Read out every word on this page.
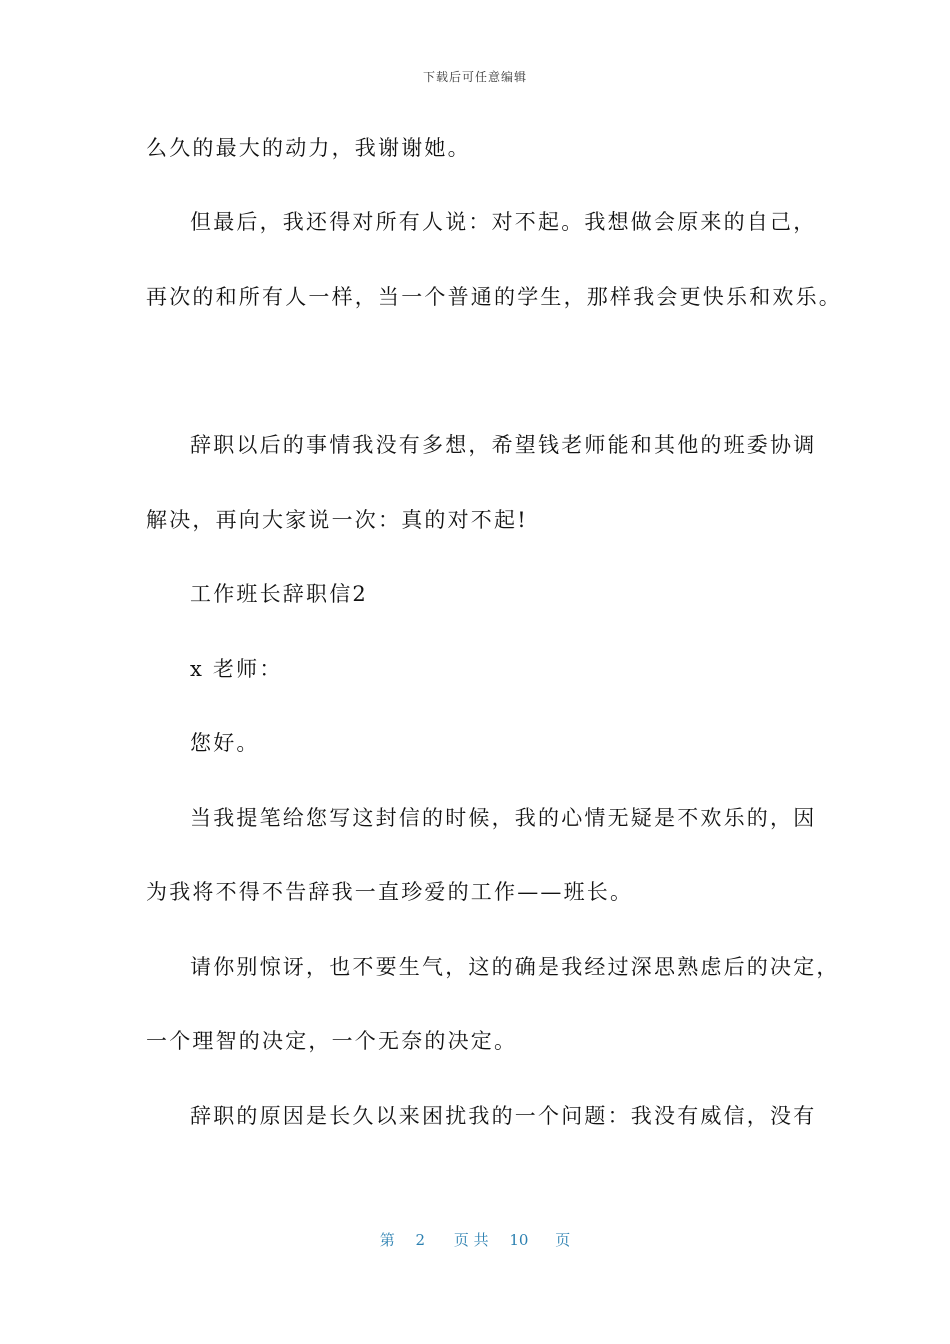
下载后可任意编辑
么久的最大的动力，我谢谢她。
但最后，我还得对所有人说：对不起。我想做会原来的自己，
再次的和所有人一样，当一个普通的学生，那样我会更快乐和欢乐。
辞职以后的事情我没有多想，希望钱老师能和其他的班委协调
解决，再向大家说一次：真的对不起!
工作班长辞职信2
x 老师：
您好。
当我提笔给您写这封信的时候，我的心情无疑是不欢乐的，因
为我将不得不告辞我一直珍爱的工作——班长。
请你别惊讶，也不要生气，这的确是我经过深思熟虑后的决定，
一个理智的决定，一个无奈的决定。
辞职的原因是长久以来困扰我的一个问题：我没有威信，没有
第 2 页 共 10 页
